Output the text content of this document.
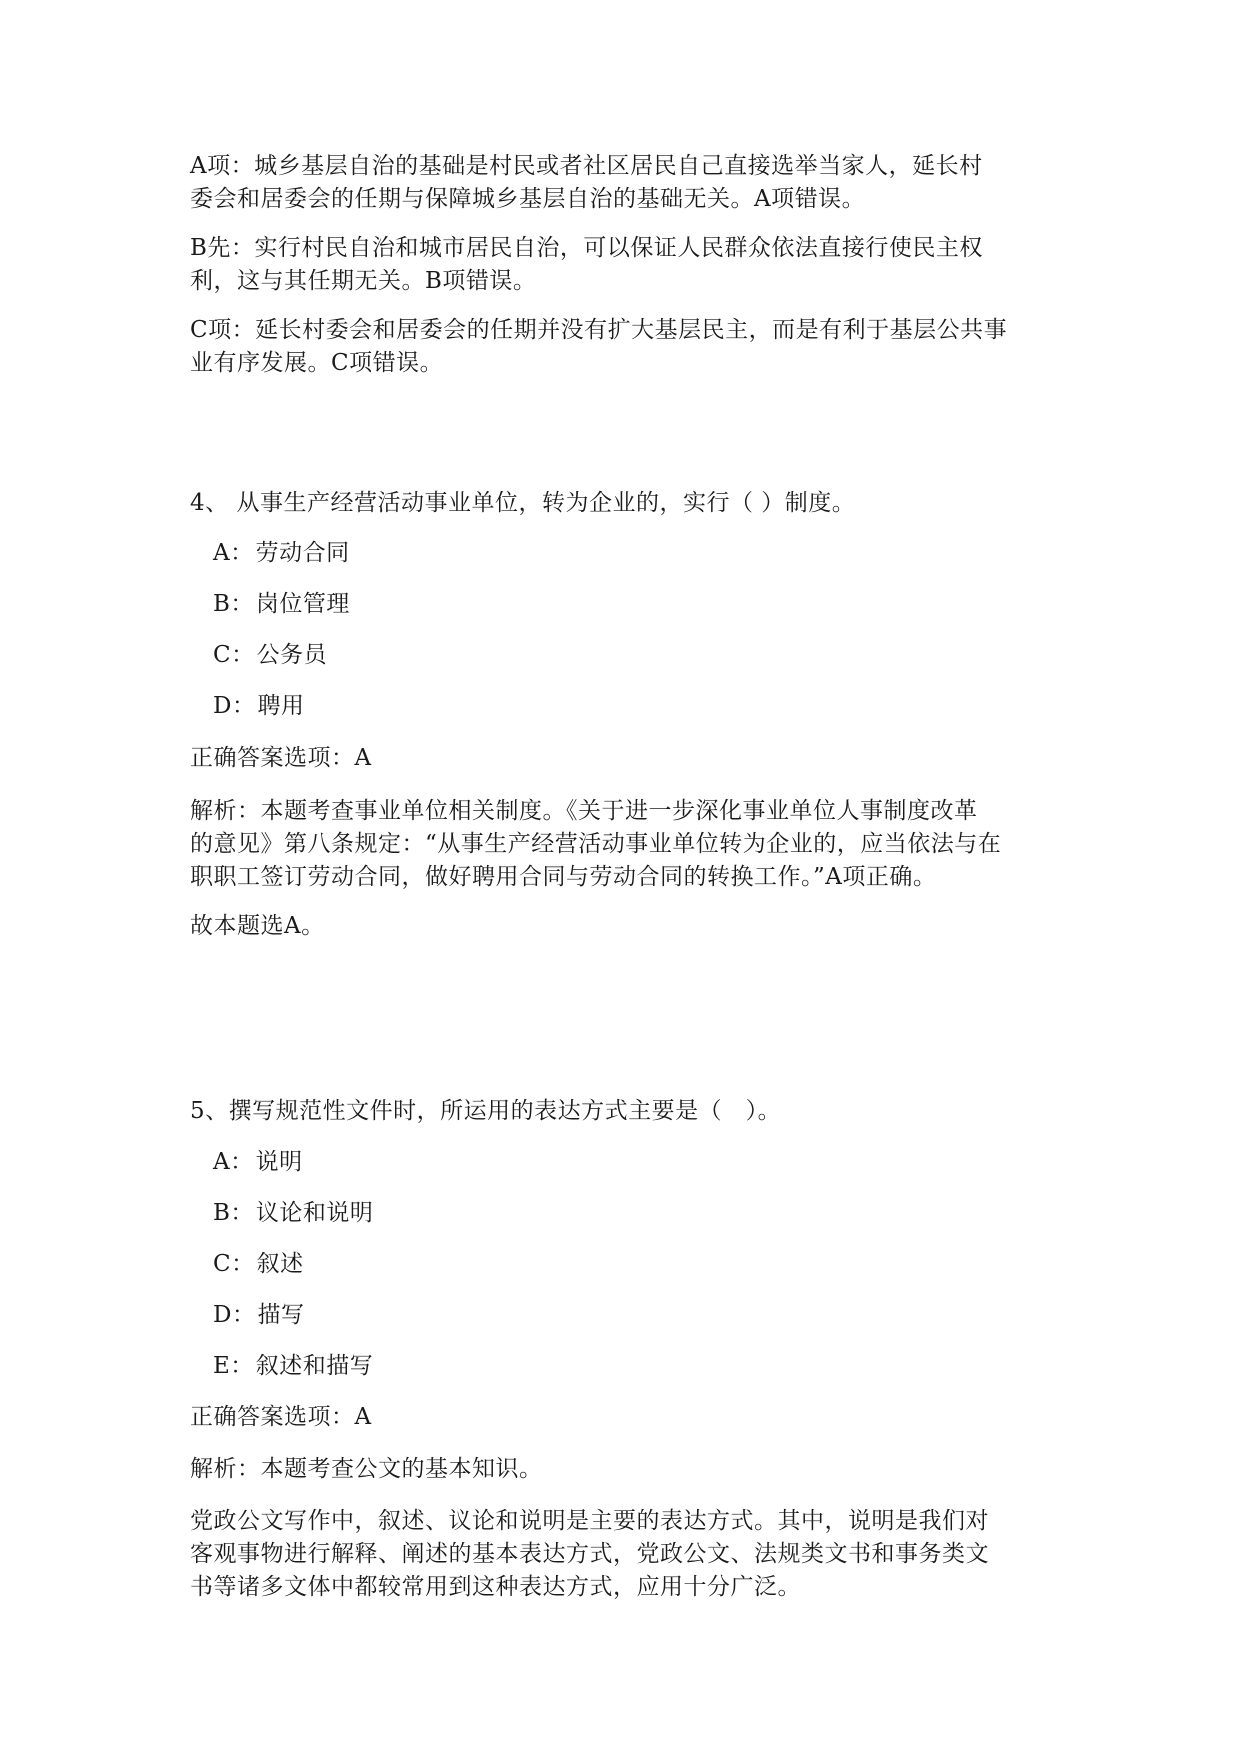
A项：城乡基层自治的基础是村民或者社区居民自己直接选举当家人，延长村
委会和居委会的任期与保障城乡基层自治的基础无关。A项错误。

B先：实行村民自治和城市居民自治，可以保证人民群众依法直接行使民主权
利，这与其任期无关。B项错误。

C项：延长村委会和居委会的任期并没有扩大基层民主，而是有利于基层公共事
业有序发展。C项错误。

4、 从事生产经营活动事业单位，转为企业的，实行（ ）制度。

A：劳动合同

B：岗位管理

C：公务员

D：聘用

正确答案选项：A

解析：本题考查事业单位相关制度。《关于进一步深化事业单位人事制度改革
的意见》第八条规定：“从事生产经营活动事业单位转为企业的，应当依法与在
职职工签订劳动合同，做好聘用合同与劳动合同的转换工作。”A项正确。

故本题选A。

5、撰写规范性文件时，所运用的表达方式主要是（　）。

A：说明

B：议论和说明

C：叙述

D：描写

E：叙述和描写

正确答案选项：A

解析：本题考查公文的基本知识。

党政公文写作中，叙述、议论和说明是主要的表达方式。其中，说明是我们对
客观事物进行解释、阐述的基本表达方式，党政公文、法规类文书和事务类文
书等诸多文体中都较常用到这种表达方式，应用十分广泛。
